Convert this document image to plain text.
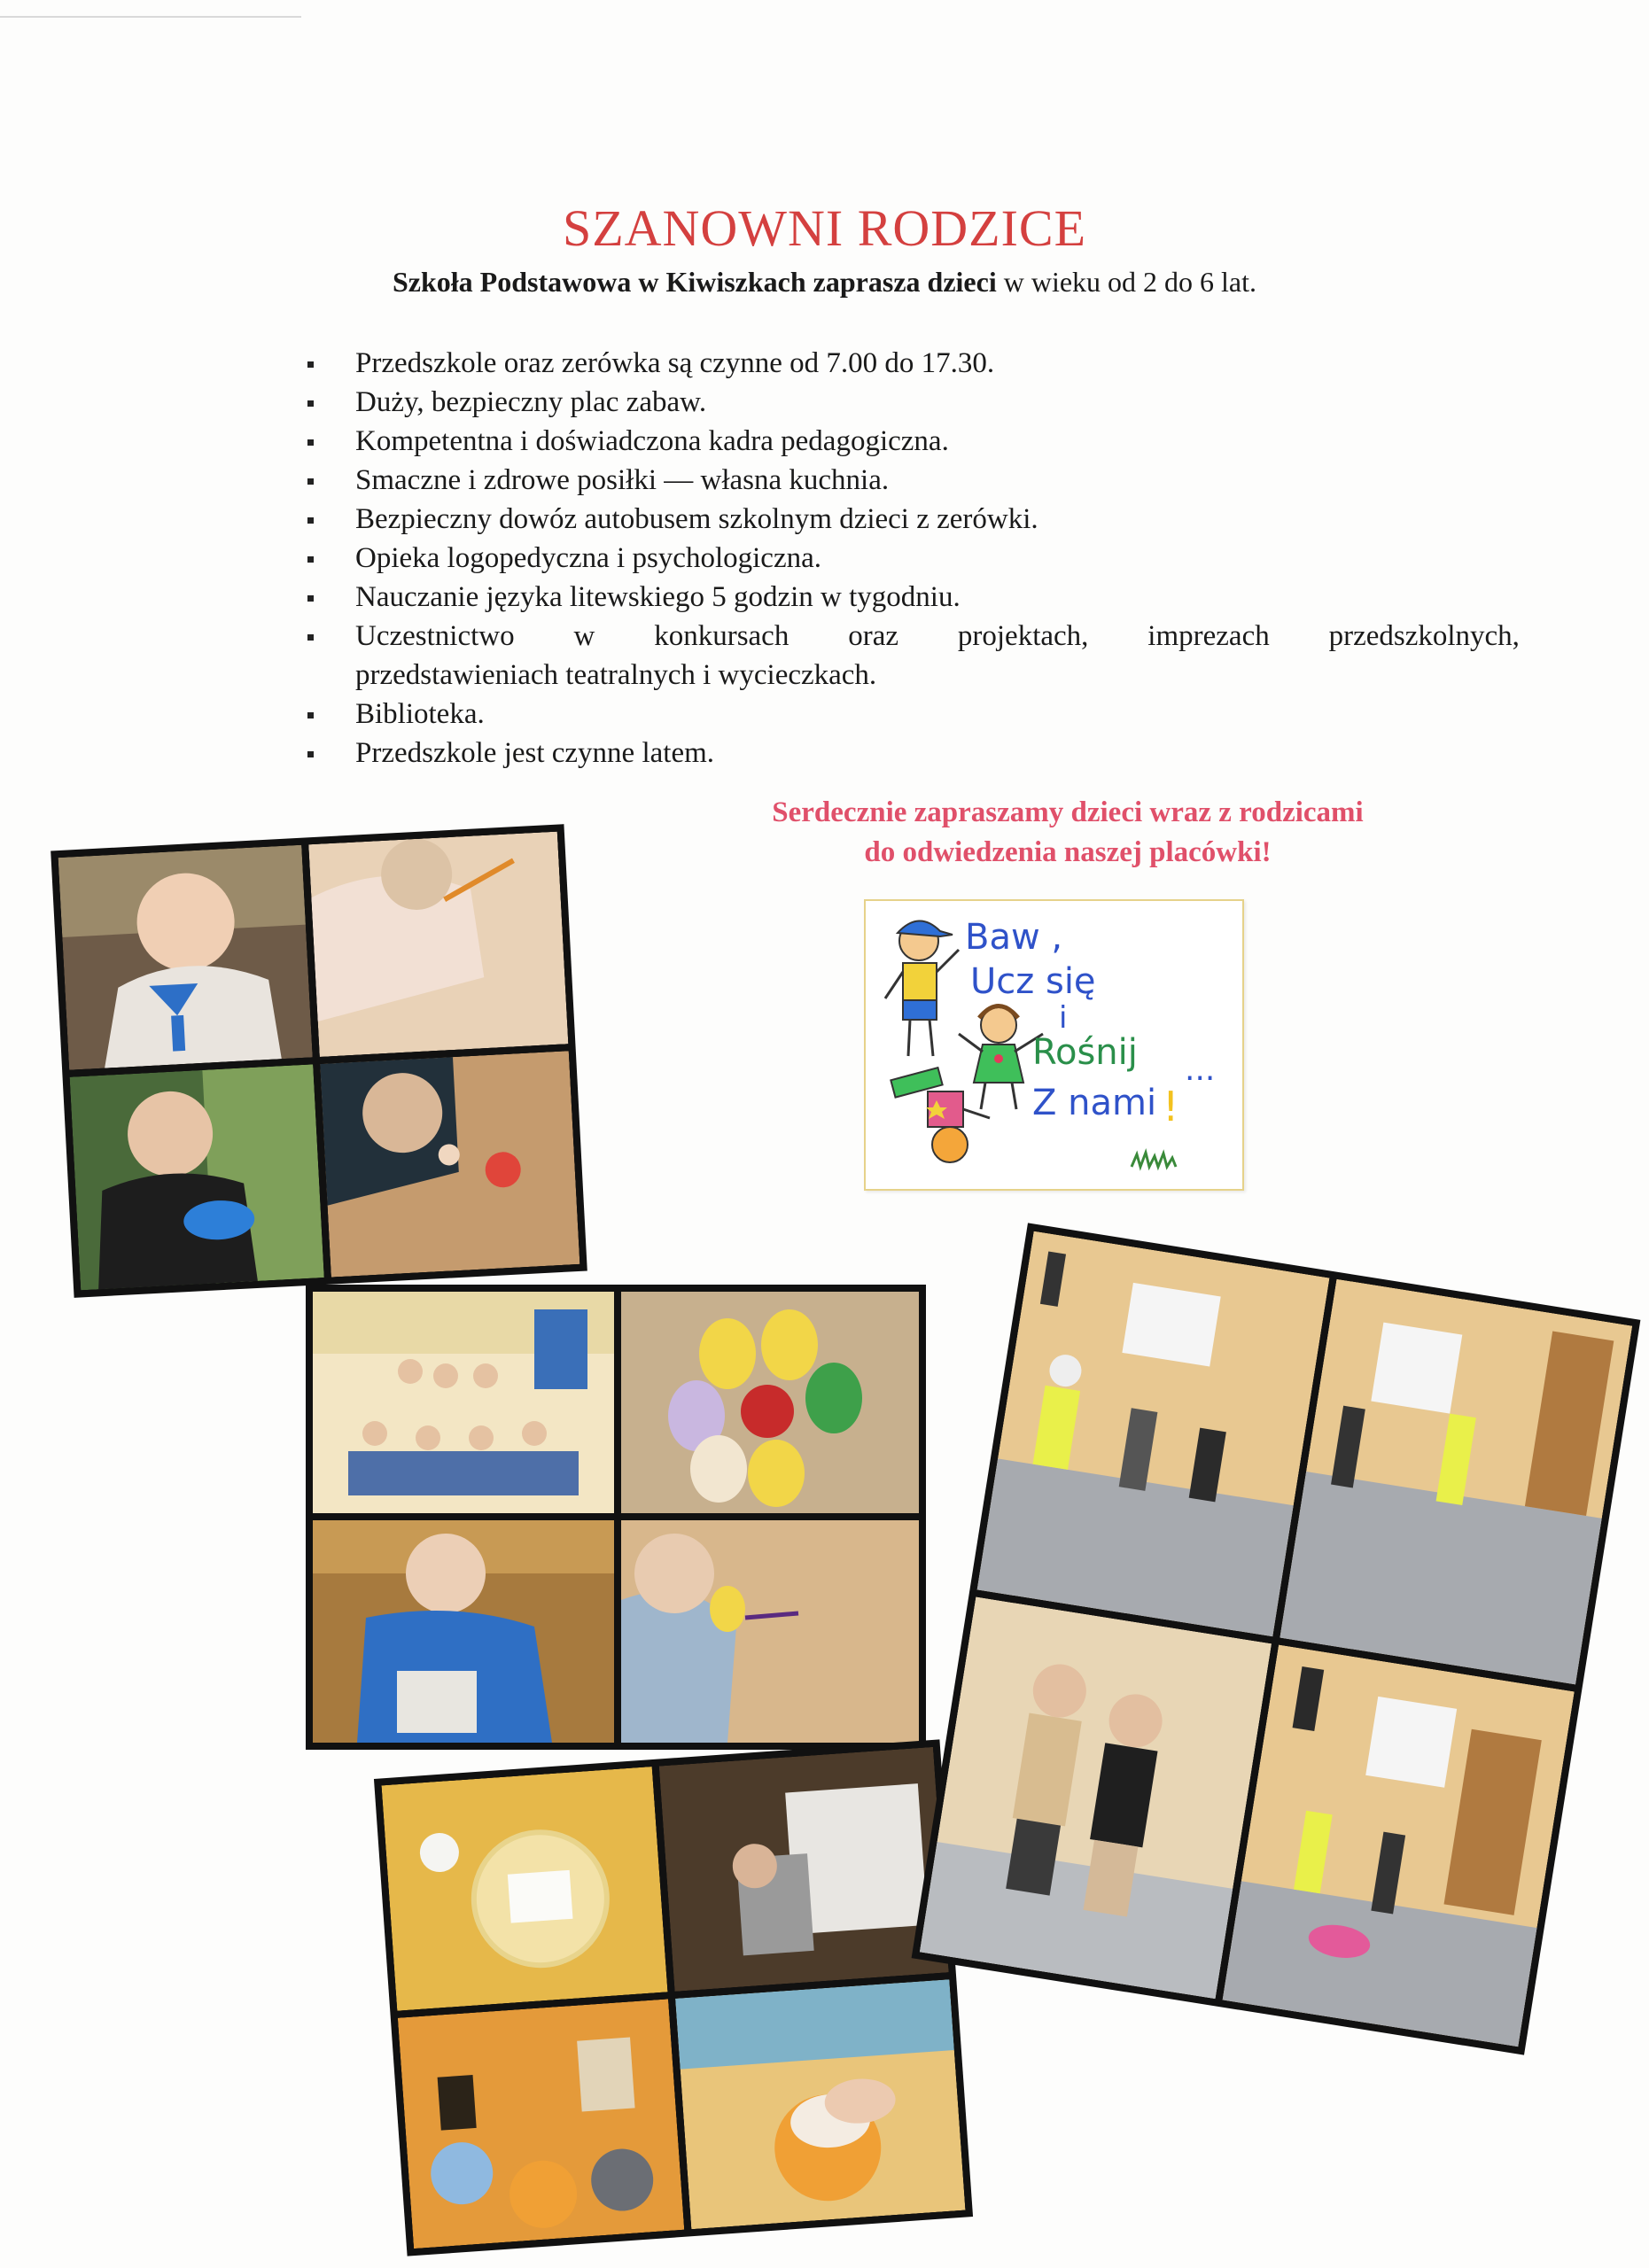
SZANOWNI RODZICE
Szkoła Podstawowa w Kiwiszkach zaprasza dzieci w wieku od 2 do 6 lat.
Przedszkole oraz zerówka są czynne od 7.00 do 17.30.
Duży, bezpieczny plac zabaw.
Kompetentna i doświadczona kadra pedagogiczna.
Smaczne i zdrowe posiłki — własna kuchnia.
Bezpieczny dowóz autobusem szkolnym dzieci z zerówki.
Opieka logopedyczna i psychologiczna.
Nauczanie języka litewskiego 5 godzin w tygodniu.
Uczestnictwo w konkursach oraz projektach, imprezach przedszkolnych,
przedstawieniach teatralnych i wycieczkach.
Biblioteka.
Przedszkole jest czynne latem.
Serdecznie zapraszamy dzieci wraz z rodzicami
do odwiedzenia naszej placówki!
Baw ,
Ucz się
i
Rośnij ...
Z nami !
